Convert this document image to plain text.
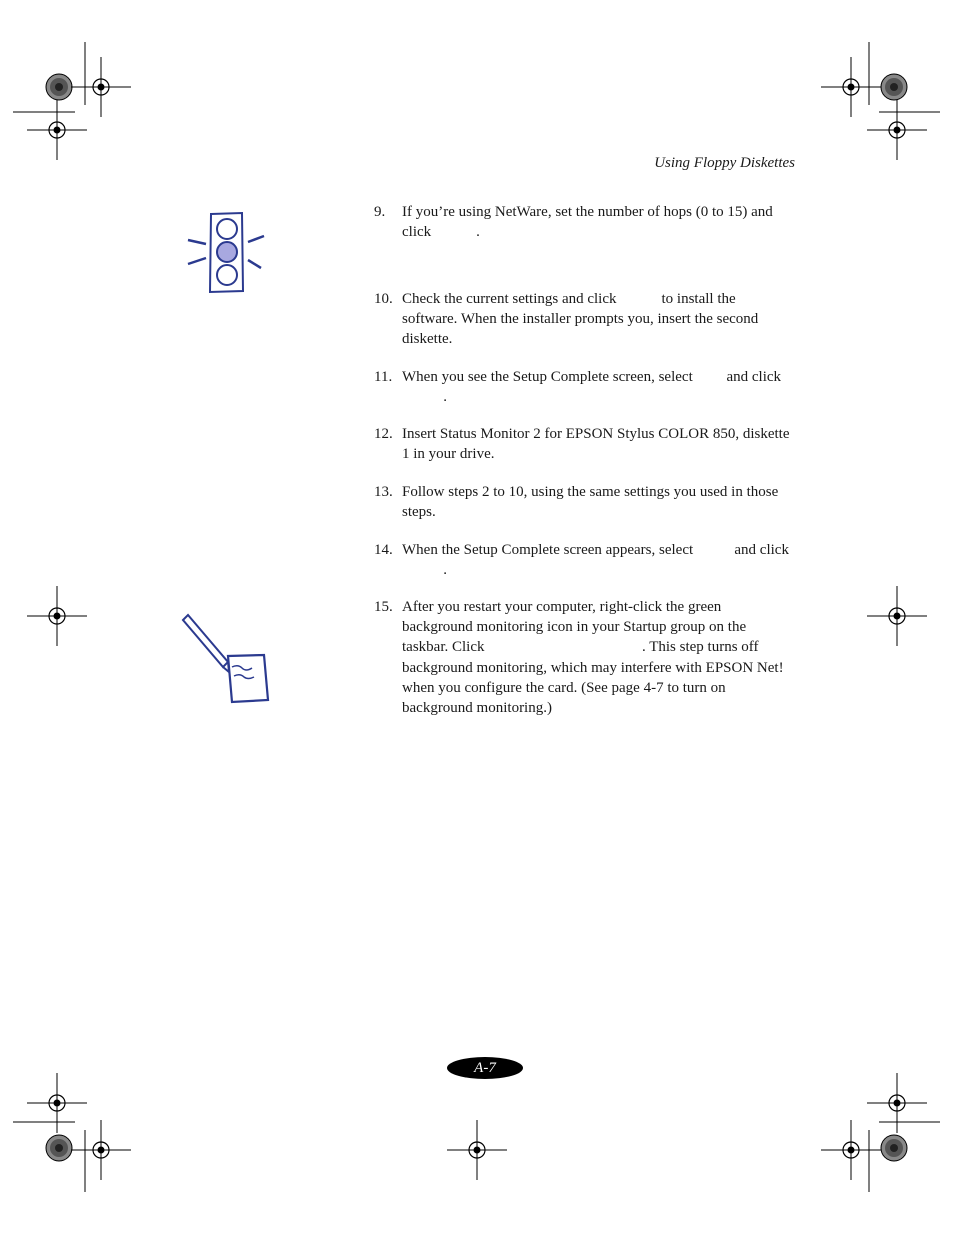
Using Floppy Diskettes
9. If you’re using NetWare, set the number of hops (0 to 15) and click            .
10. Check the current settings and click            to install the software. When the installer prompts you, insert the second diskette.
11. When you see the Setup Complete screen, select         and click            .
12. Insert Status Monitor 2 for EPSON Stylus COLOR 850, diskette 1 in your drive.
13. Follow steps 2 to 10, using the same settings you used in those steps.
14. When the Setup Complete screen appears, select           and click            .
15. After you restart your computer, right-click the green background monitoring icon in your Startup group on the taskbar. Click                                          . This step turns off background monitoring, which may interfere with EPSON Net! when you configure the card. (See page 4-7 to turn on background monitoring.)
A-7
